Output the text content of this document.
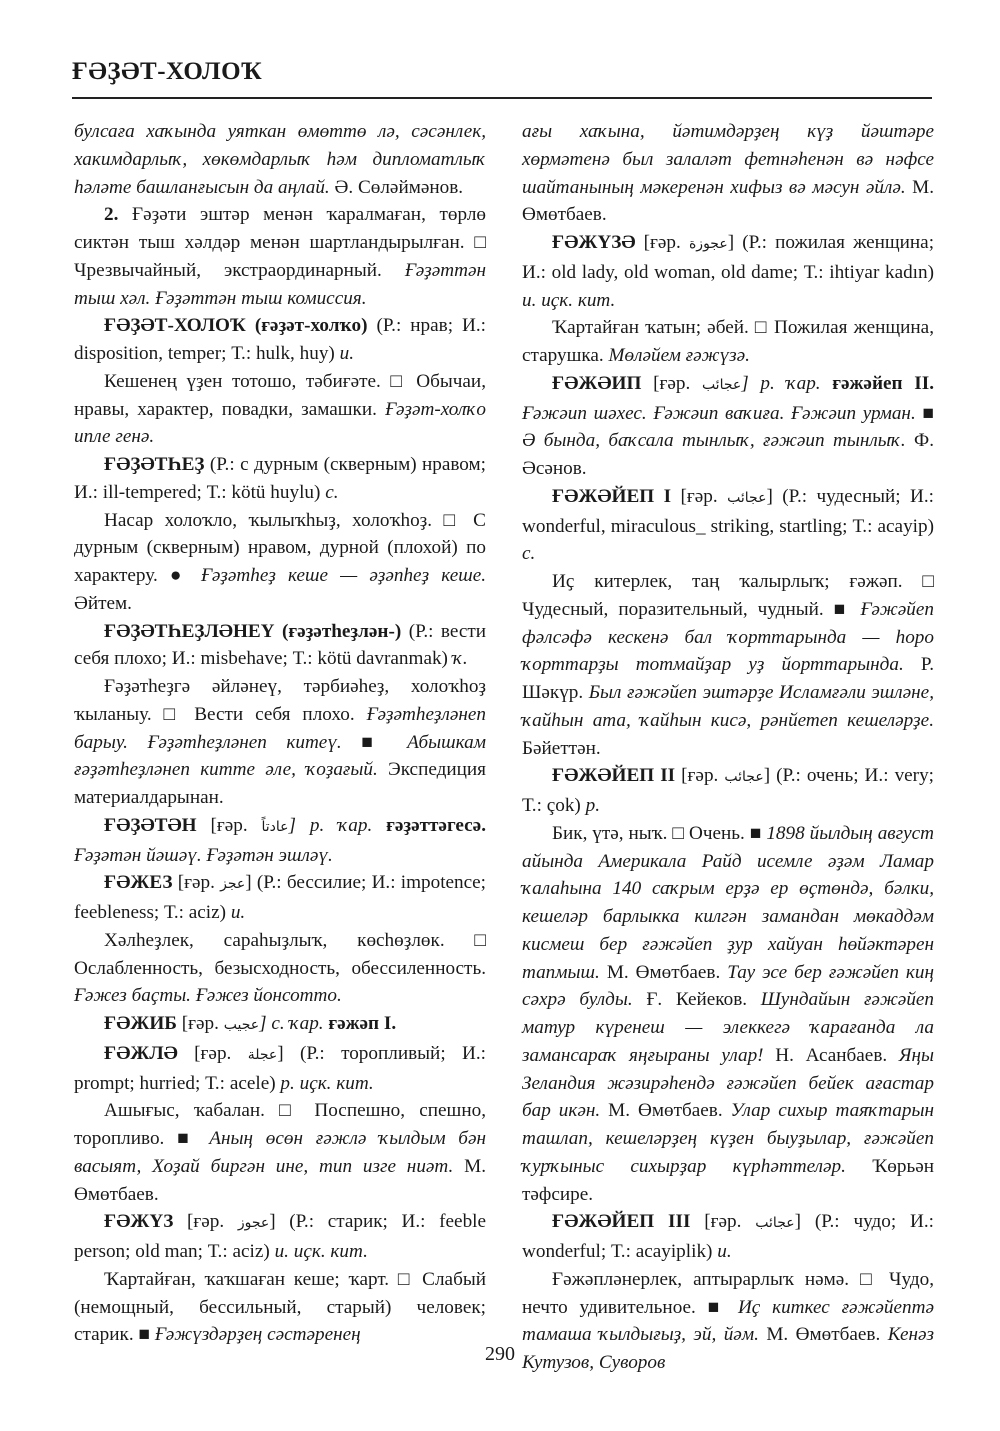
ҒӘҘӘТ-ХОЛОҠ

булсаға хаҡында уяткан өмөттө лә, сәсәнлек, хакимдарлыҡ, хөкөмдарлыҡ һәм дипломатлыҡ һәләте башланғысын да аңлай. Ә. Сөләймәнов.

2. Ғәҙәти эштәр менән ҡаралмаған, төрлө сиктән тыш хәлдәр менән шартландырылған. □ Чрезвычайный, экстраординарный. Ғәҙәттән тыш хәл. Ғәҙәттән тыш комиссия.

ҒӘҘӘТ-ХОЛОҠ (ғәҙәт-холҡо) (Р.: нрав; И.: disposition, temper; Т.: hulk, huy) и.

Кешенең үҙен тотошо, тәбиғәте. □ Обычаи, нравы, характер, повадки, замашки. Ғәҙәт-холҡо ипле генә.

ҒӘҘӘТҺЕҘ (Р.: с дурным (скверным) нравом; И.: ill-tempered; Т.: kötü huylu) с.

Насар холоҡло, ҡылыҡһыҙ, холоҡһоҙ. □ С дурным (скверным) нравом, дурной (плохой) по характеру. ● Ғәҙәтһеҙ кеше — әҙәпһеҙ кеше. Әйтем.

ҒӘҘӘТҺЕҘЛӘНЕҮ (ғәҙәтһеҙлән-) (Р.: вести себя плохо; И.: misbehave; Т.: kötü davranmak) ҡ.

Ғәҙәтһеҙгә әйләнеү, тәрбиәһеҙ, холоҡһоҙ ҡыланыу. □ Вести себя плохо. Ғәҙәтһеҙләнеп барыу. Ғәҙәтһеҙләнеп китеү. ■ Абышкам ғәҙәтһеҙләнеп китте әле, ҡоҙағый. Экспедиция материалдарынан.

ҒӘҘӘТӘН [ғәр. عادتاً] р. ҡар. ғәҙәттәгесә. Ғәҙәтән йәшәү. Ғәҙәтән эшләү.

ҒӘЖЕЗ [ғәр. عجز] (Р.: бессилие; И.: impotence; feebleness; Т.: aciz) и.

Хәлһеҙлек, сараһыҙлыҡ, көсһөҙлөк. □ Ослабленность, безысходность, обессиленность. Ғәжез баҫты. Ғәжез йонсотто.

ҒӘЖИБ [ғәр. عجيب] с. ҡар. ғәжәп I.

ҒӘЖЛӘ [ғәр. عجلة] (Р.: торопливый; И.: prompt; hurried; Т.: acele) р. иҫк. кит.

Ашығыс, ҡабалан. □ Поспешно, спешно, торопливо. ■ Аның өсөн ғәжлә ҡылдым бән васыят, Хоҙай биргән ине, тип изге ниәт. М. Өмөтбаев.

ҒӘЖҮЗ [ғәр. عجوز] (Р.: старик; И.: feeble person; old man; Т.: aciz) и. иҫк. кит.

Ҡартайған, ҡаҡшаған кеше; ҡарт. □ Слабый (немощный, бессильный, старый) человек; старик. ■ Ғәжүздәрҙең сәстәренең

ағы хаҡына, йәтимдәрҙең күҙ йәштәре хөрмәтенә был залаләт фетнәһенән вә нәфсе шайтанының мәкеренән хифыз вә мәсун әйлә. М. Өмөтбаев.

ҒӘЖҮЗӘ [ғәр. عجوزة] (Р.: пожилая женщина; И.: old lady, old woman, old dame; Т.: ihtiyar kadın) и. иҫк. кит.

Ҡартайған ҡатын; әбей. □ Пожилая женщина, старушка. Мөләйем ғәжүзә.

ҒӘЖӘИП [ғәр. عجائب] р. ҡар. ғәжәйеп II. Ғәжәип шәхес. Ғәжәип ваҡиға. Ғәжәип урман. ■ Ә бында, баҡсала тынлыҡ, ғәжәип тынлыҡ. Ф. Әсәнов.

ҒӘЖӘЙЕП I [ғәр. عجائب] (Р.: чудесный; И.: wonderful, miraculous_ striking, startling; Т.: acayip) с.

Иҫ китерлек, таң ҡалырлыҡ; ғәжәп. □ Чудесный, поразительный, чудный. ■ Ғәжәйеп фәлсәфә кескенә бал ҡорттарында — һоро ҡорттарҙы тотмайҙар уҙ йорттарында. Р. Шәкүр. Был ғәжәйеп эштәрҙе Исламғәли эшләне, ҡайһын ата, ҡайһын кисә, рәнйетеп кешеләрҙе. Бәйеттән.

ҒӘЖӘЙЕП II [ғәр. عجائب] (Р.: очень; И.: very; Т.: çok) р.

Бик, үтә, ныҡ. □ Очень. ■ 1898 йылдың август айында Америкала Райд исемле әҙәм Ламар ҡалаһына 140 саҡрым ерҙә ер өҫтөндә, бәлки, кешеләр барлыкка килгән замандан мөкаддәм кисмеш бер ғәжәйеп ҙур хайуан һөйәктәрен тапмыш. М. Өмөтбаев. Тау эсе бер ғәжәйеп киң сәхрә булды. Ғ. Кейеков. Шундайын ғәжәйеп матур күренеш — элеккегә ҡарағанда ла замансараҡ яңғыраны улар! Н. Асанбаев. Яңы Зеландия жәзирәһендә ғәжәйеп бейек ағастар бар икән. М. Өмөтбаев. Улар сихыр таяҡтарын ташлап, кешеләрҙең күҙен быуҙылар, ғәжәйеп ҡурҡыныс сихырҙар күрһәттеләр. Ҡөрьән тәфсире.

ҒӘЖӘЙЕП III [ғәр. عجائب] (Р.: чудо; И.: wonderful; Т.: acayiplik) и.

Ғәжәпләнерлек, аптырарлыҡ нәмә. □ Чудо, нечто удивительное. ■ Иҫ киткес ғәжәйептә тамаша ҡылдығыҙ, эй, йәм. М. Өмөтбаев. Кенәз Кутузов, Суворов

290
